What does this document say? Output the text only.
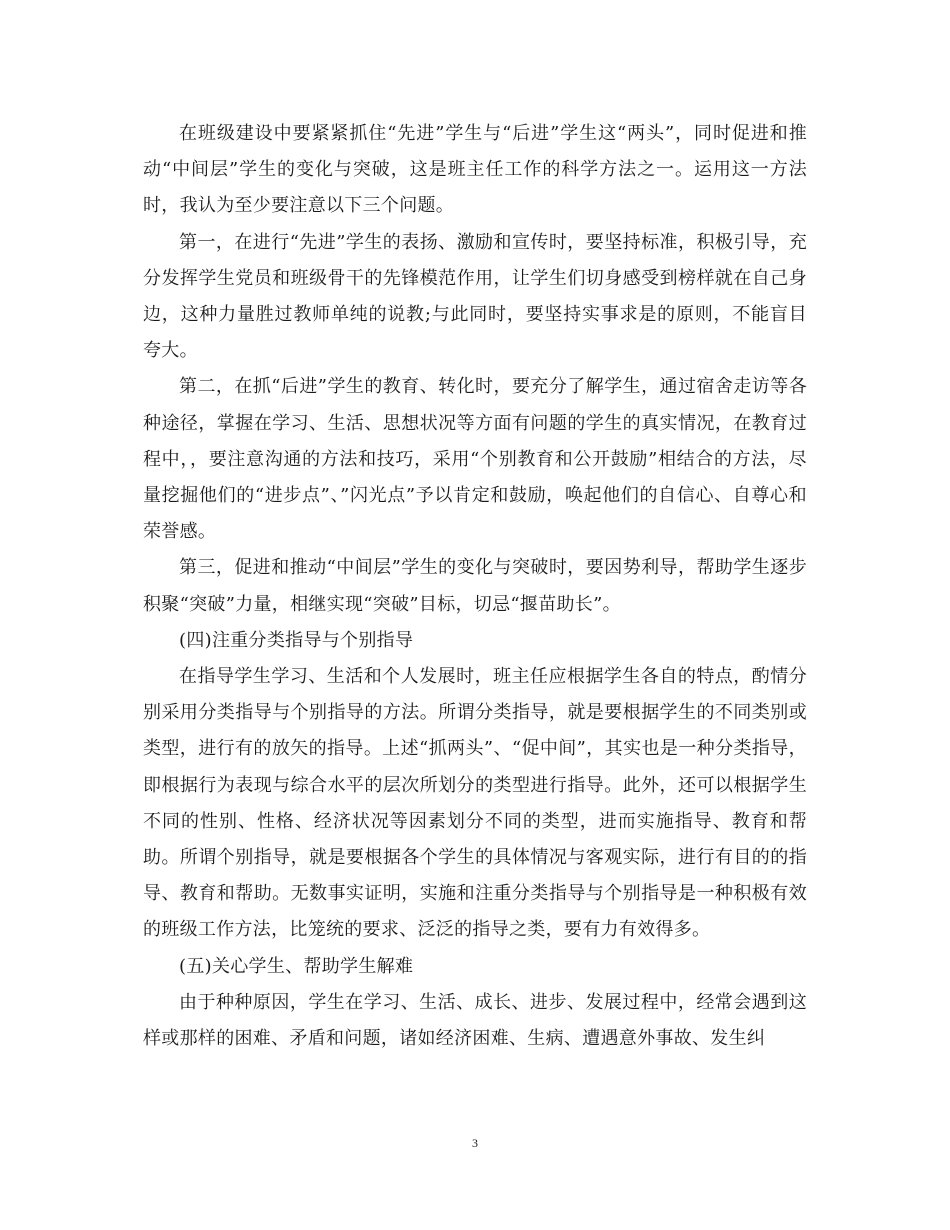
在班级建设中要紧紧抓住“先进”学生与“后进”学生这“两头”，同时促进和推动“中间层”学生的变化与突破，这是班主任工作的科学方法之一。运用这一方法时，我认为至少要注意以下三个问题。

第一，在进行“先进”学生的表扬、激励和宣传时，要坚持标准，积极引导，充分发挥学生党员和班级骨干的先锋模范作用，让学生们切身感受到榜样就在自己身边，这种力量胜过教师单纯的说教;与此同时，要坚持实事求是的原则，不能盲目夸大。

第二，在抓“后进”学生的教育、转化时，要充分了解学生，通过宿舍走访等各种途径，掌握在学习、生活、思想状况等方面有问题的学生的真实情况，在教育过程中，，要注意沟通的方法和技巧，采用“个别教育和公开鼓励”相结合的方法，尽量挖掘他们的“进步点”、”闪光点”予以肯定和鼓励，唤起他们的自信心、自尊心和荣誉感。

第三，促进和推动“中间层”学生的变化与突破时，要因势利导，帮助学生逐步积聚“突破”力量，相继实现“突破”目标，切忌“揠苗助长”。

(四)注重分类指导与个别指导

在指导学生学习、生活和个人发展时，班主任应根据学生各自的特点，酌情分别采用分类指导与个别指导的方法。所谓分类指导，就是要根据学生的不同类别或类型，进行有的放矢的指导。上述“抓两头”、“促中间”，其实也是一种分类指导，即根据行为表现与综合水平的层次所划分的类型进行指导。此外，还可以根据学生不同的性别、性格、经济状况等因素划分不同的类型，进而实施指导、教育和帮助。所谓个别指导，就是要根据各个学生的具体情况与客观实际，进行有目的的指导、教育和帮助。无数事实证明，实施和注重分类指导与个别指导是一种积极有效的班级工作方法，比笼统的要求、泛泛的指导之类，要有力有效得多。

(五)关心学生、帮助学生解难

由于种种原因，学生在学习、生活、成长、进步、发展过程中，经常会遇到这样或那样的困难、矛盾和问题，诸如经济困难、生病、遭遇意外事故、发生纠

3
